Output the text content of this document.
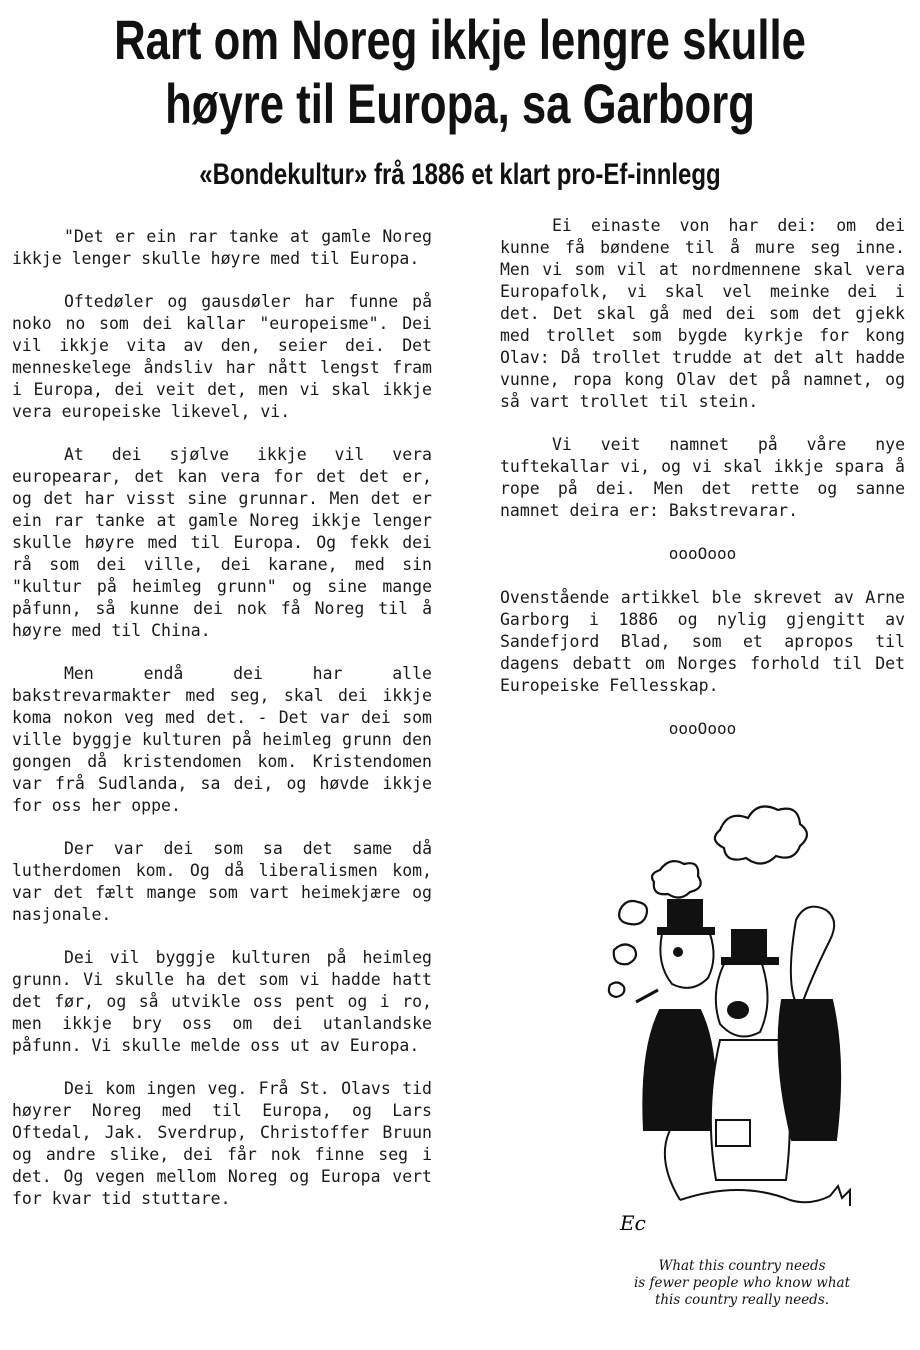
Rart om Noreg ikkje lengre skulle
høyre til Europa, sa Garborg
«Bondekultur» frå 1886 et klart pro-Ef-innlegg

"Det er ein rar tanke at gamle Noreg ikkje lenger skulle høyre med til Europa.

Oftedøler og gausdøler har funne på noko no som dei kallar "europeisme". Dei vil ikkje vita av den, seier dei. Det menneskelege åndsliv har nått lengst fram i Europa, dei veit det, men vi skal ikkje vera europeiske likevel, vi.

At dei sjølve ikkje vil vera europearar, det kan vera for det det er, og det har visst sine grunnar. Men det er ein rar tanke at gamle Noreg ikkje lenger skulle høyre med til Europa. Og fekk dei rå som dei ville, dei karane, med sin "kultur på heimleg grunn" og sine mange påfunn, så kunne dei nok få Noreg til å høyre med til China.

Men endå dei har alle bakstrevarmakter med seg, skal dei ikkje koma nokon veg med det. - Det var dei som ville byggje kulturen på heimleg grunn den gongen då kristendomen kom. Kristendomen var frå Sudlanda, sa dei, og høvde ikkje for oss her oppe.

Der var dei som sa det same då lutherdomen kom. Og då liberalismen kom, var det fælt mange som vart heimekjære og nasjonale.

Dei vil byggje kulturen på heimleg grunn. Vi skulle ha det som vi hadde hatt det før, og så utvikle oss pent og i ro, men ikkje bry oss om dei utanlandske påfunn. Vi skulle melde oss ut av Europa.

Dei kom ingen veg. Frå St. Olavs tid høyrer Noreg med til Europa, og Lars Oftedal, Jak. Sverdrup, Christoffer Bruun og andre slike, dei får nok finne seg i det. Og vegen mellom Noreg og Europa vert for kvar tid stuttare.

Ei einaste von har dei: om dei kunne få bøndene til å mure seg inne. Men vi som vil at nordmennene skal vera Europafolk, vi skal vel meinke dei i det. Det skal gå med dei som det gjekk med trollet som bygde kyrkje for kong Olav: Då trollet trudde at det alt hadde vunne, ropa kong Olav det på namnet, og så vart trollet til stein.

Vi veit namnet på våre nye tuftekallar vi, og vi skal ikkje spara å rope på dei. Men det rette og sanne namnet deira er: Bakstrevarar.

oooOooo

Ovenstående artikkel ble skrevet av Arne Garborg i 1886 og nylig gjengitt av Sandefjord Blad, som et apropos til dagens debatt om Norges forhold til Det Europeiske Fellesskap.

oooOooo
Ec
What this country needs
is fewer people who know what
this country really needs.
